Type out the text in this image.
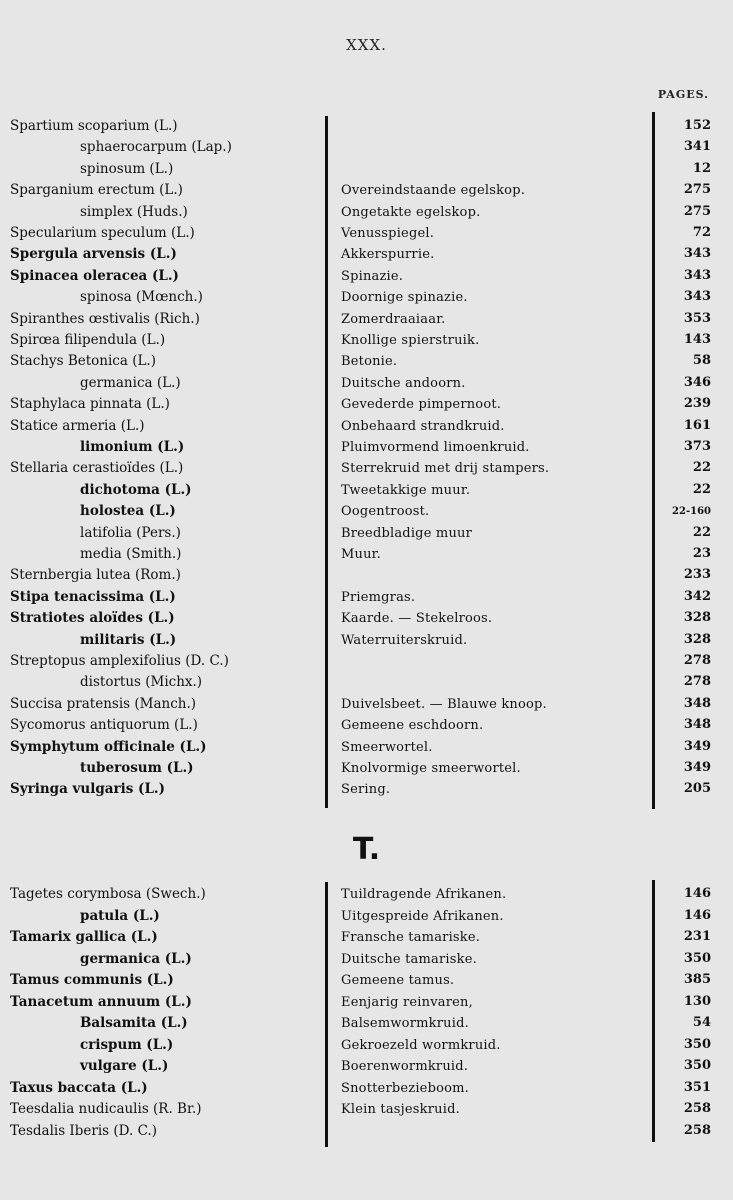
XXX.
PAGES.
Spartium scoparium (L.)	152
sphaerocarpum (Lap.)	341
spinosum (L.)	12
Sparganium erectum (L.)	Overeindstaande egelskop.	275
simplex (Huds.)	Ongetakte egelskop.	275
Specularium speculum (L.)	Venusspiegel.	72
Spergula arvensis (L.)	Akkerspurrie.	343
Spinacea oleracea (L.)	Spinazie.	343
spinosa (Mœnch.)	Doornige spinazie.	343
Spiranthes œstivalis (Rich.)	Zomerdraaiaar.	353
Spirœa filipendula (L.)	Knollige spierstruik.	143
Stachys Betonica (L.)	Betonie.	58
germanica (L.)	Duitsche andoorn.	346
Staphylaca pinnata (L.)	Gevederde pimpernoot.	239
Statice armeria (L.)	Onbehaard strandkruid.	161
limonium (L.)	Pluimvormend limoenkruid.	373
Stellaria cerastioïdes (L.)	Sterrekruid met drij stampers.	22
dichotoma (L.)	Tweetakkige muur.	22
holostea (L.)	Oogentroost.	22-160
latifolia (Pers.)	Breedbladige muur	22
media (Smith.)	Muur.	23
Sternbergia lutea (Rom.)	233
Stipa tenacissima (L.)	Priemgras.	342
Stratiotes aloïdes (L.)	Kaarde. — Stekelroos.	328
militaris (L.)	Waterruiterskruid.	328
Streptopus amplexifolius (D. C.)	278
distortus (Michx.)	278
Succisa pratensis (Manch.)	Duivelsbeet. — Blauwe knoop.	348
Sycomorus antiquorum (L.)	Gemeene eschdoorn.	348
Symphytum officinale (L.)	Smeerwortel.	349
tuberosum (L.)	Knolvormige smeerwortel.	349
Syringa vulgaris (L.)	Sering.	205
T.
Tagetes corymbosa (Swech.)	Tuildragende Afrikanen.	146
patula (L.)	Uitgespreide Afrikanen.	146
Tamarix gallica (L.)	Fransche tamariske.	231
germanica (L.)	Duitsche tamariske.	350
Tamus communis (L.)	Gemeene tamus.	385
Tanacetum annuum (L.)	Eenjarig reinvaren,	130
Balsamita (L.)	Balsemwormkruid.	54
crispum (L.)	Gekroezeld wormkruid.	350
vulgare (L.)	Boerenwormkruid.	350
Taxus baccata (L.)	Snotterbezieboom.	351
Teesdalia nudicaulis (R. Br.)	Klein tasjeskruid.	258
Tesdalis Iberis (D. C.)	258
